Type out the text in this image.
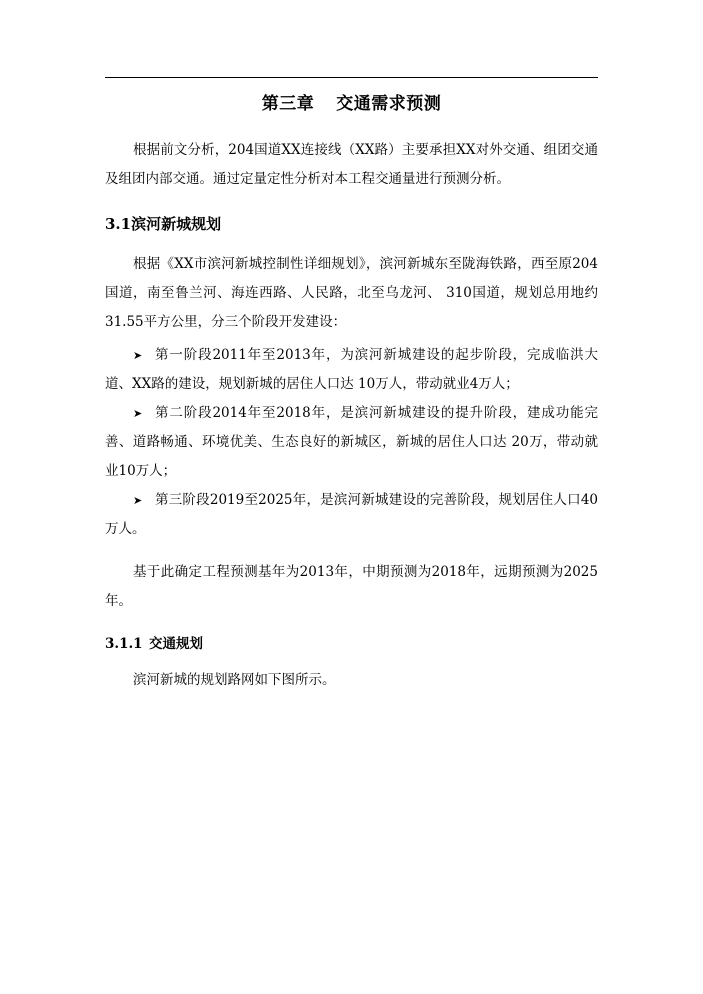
第三章 交通需求预测

根据前文分析，204国道XX连接线（XX路）主要承担XX对外交通、组团交通及组团内部交通。通过定量定性分析对本工程交通量进行预测分析。

3.1滨河新城规划

根据《XX市滨河新城控制性详细规划》，滨河新城东至陇海铁路，西至原204国道，南至鲁兰河、海连西路、人民路，北至乌龙河、 310国道，规划总用地约 31.55平方公里，分三个阶段开发建设：

➤ 第一阶段2011年至2013年，为滨河新城建设的起步阶段，完成临洪大道、XX路的建设，规划新城的居住人口达 10万人，带动就业4万人；
➤ 第二阶段2014年至2018年，是滨河新城建设的提升阶段，建成功能完善、道路畅通、环境优美、生态良好的新城区，新城的居住人口达 20万，带动就业10万人；
➤ 第三阶段2019至2025年，是滨河新城建设的完善阶段，规划居住人口40万人。

基于此确定工程预测基年为2013年，中期预测为2018年，远期预测为2025年。

3.1.1 交通规划

滨河新城的规划路网如下图所示。
